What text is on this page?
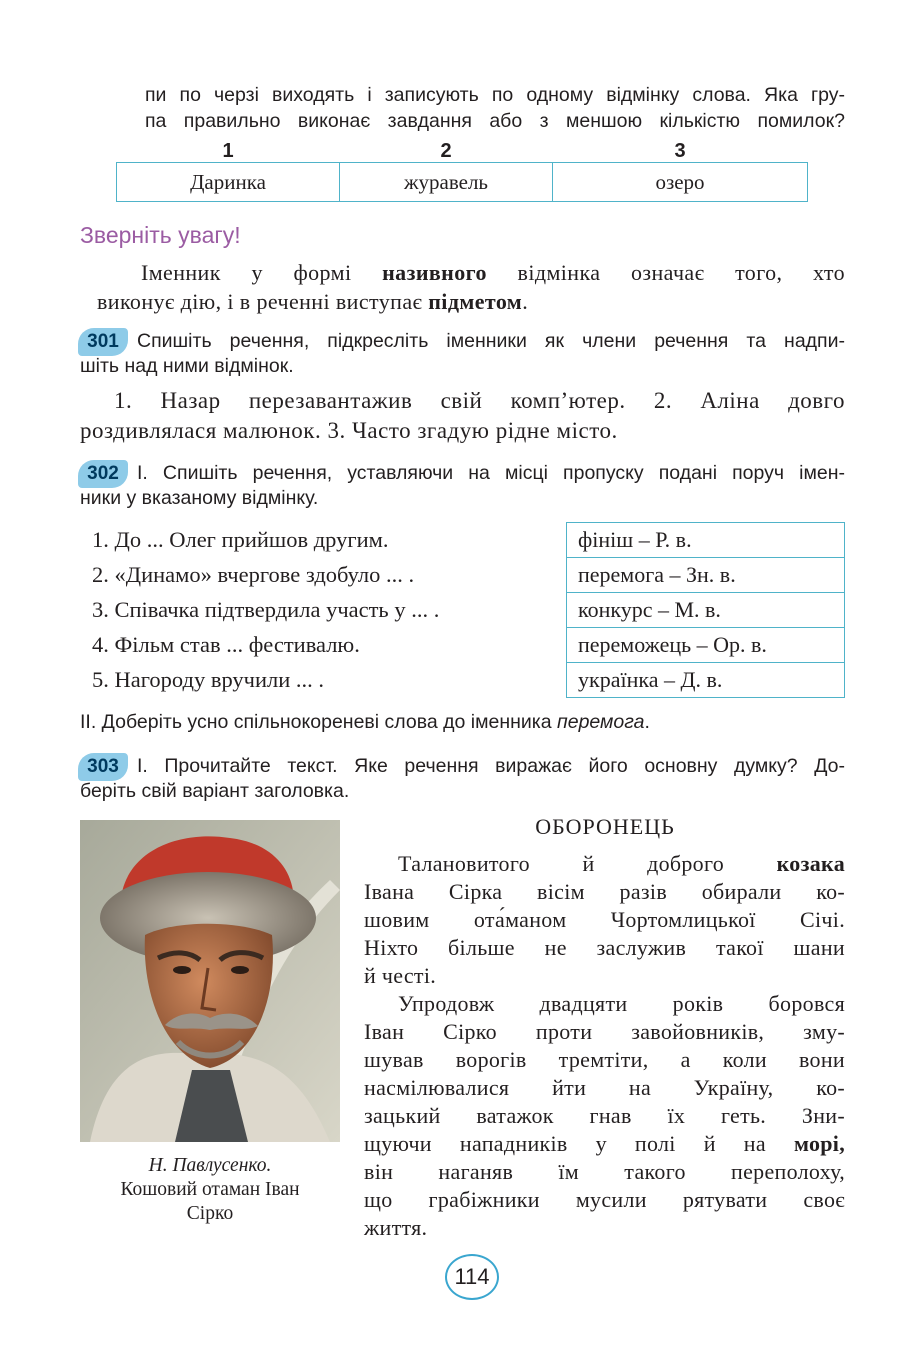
пи по черзі виходять і записують по одному відмінку слова. Яка гру-
па правильно виконає завдання або з меншою кількістю помилок?
1	2	3
Даринка	журавель	озеро
Зверніть увагу!
Іменник у формі називного відмінка означає того, хто
виконує дію, і в реченні виступає підметом.
301 Спишіть речення, підкресліть іменники як члени речення та надпи-
шіть над ними відмінок.
1. Назар перезавантажив свій комп’ютер. 2. Аліна довго
роздивлялася малюнок. 3. Часто згадую рідне місто.
302 І. Спишіть речення, уставляючи на місці пропуску подані поруч імен-
ники у вказаному відмінку.
1. До ... Олег прийшов другим.
2. «Динамо» вчергове здобуло ... .
3. Співачка підтвердила участь у ... .
4. Фільм став ... фестивалю.
5. Нагороду вручили ... .
фініш – Р. в.
перемога – Зн. в.
конкурс – М. в.
переможець – Ор. в.
українка – Д. в.
ІІ. Доберіть усно спільнокореневі слова до іменника перемога.
303 І. Прочитайте текст. Яке речення виражає його основну думку? До-
беріть свій варіант заголовка.
Н. Павлусенко.
Кошовий отаман Іван
Сірко
ОБОРОНЕЦЬ
Талановитого й доброго козака
Івана Сірка вісім разів обирали ко-
шовим ота́маном Чортомлицької Січі.
Ніхто більше не заслужив такої шани
й честі.
Упродовж двадцяти років боровся
Іван Сірко проти завойовників, зму-
шував ворогів тремтіти, а коли вони
насмілювалися йти на Україну, ко-
зацький ватажок гнав їх геть. Зни-
щуючи нападників у полі й на морі,
він наганяв їм такого переполоху,
що грабіжники мусили рятувати своє
життя.
114
